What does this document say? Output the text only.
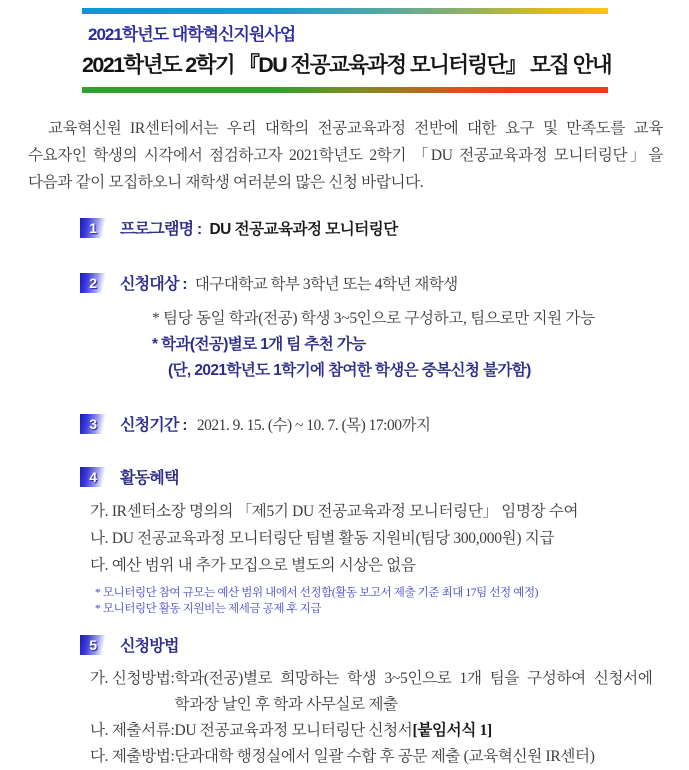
2021학년도 대학혁신지원사업
2021학년도 2학기 『DU 전공교육과정 모니터링단』 모집 안내

교육혁신원 IR센터에서는 우리 대학의 전공교육과정 전반에 대한 요구 및 만족도를 교육 수요자인 학생의 시각에서 점검하고자 2021학년도 2학기 「DU 전공교육과정 모니터링단」을 다음과 같이 모집하오니 재학생 여러분의 많은 신청 바랍니다.

1	프로그램명 : DU 전공교육과정 모니터링단
2	신청대상 : 대구대학교 학부 3학년 또는 4학년 재학생
* 팀당 동일 학과(전공) 학생 3~5인으로 구성하고, 팀으로만 지원 가능
* 학과(전공)별로 1개 팀 추천 가능
(단, 2021학년도 1학기에 참여한 학생은 중복신청 불가함)
3	신청기간 : 2021. 9. 15. (수) ~ 10. 7. (목) 17:00까지
4	활동혜택
가. IR센터소장 명의의 「제5기 DU 전공교육과정 모니터링단」 임명장 수여
나. DU 전공교육과정 모니터링단 팀별 활동 지원비(팀당 300,000원) 지급
다. 예산 범위 내 추가 모집으로 별도의 시상은 없음
* 모니터링단 참여 규모는 예산 범위 내에서 선정함(활동 보고서 제출 기준 최대 17팀 선정 예정)
* 모니터링단 활동 지원비는 제세금 공제 후 지급
5	신청방법
가. 신청방법: 학과(전공)별로 희망하는 학생 3~5인으로 1개 팀을 구성하여 신청서에 학과장 날인 후 학과 사무실로 제출
나. 제출서류: DU 전공교육과정 모니터링단 신청서[붙임서식 1]
다. 제출방법: 단과대학 행정실에서 일괄 수합 후 공문 제출 (교육혁신원 IR센터)
